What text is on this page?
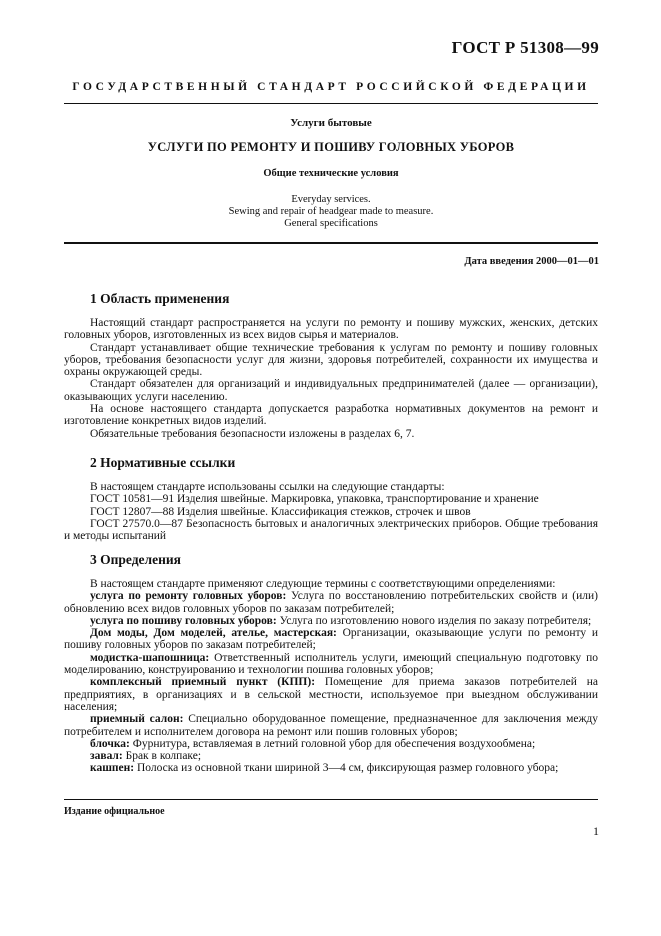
ГОСТ Р 51308—99
ГОСУДАРСТВЕННЫЙ СТАНДАРТ РОССИЙСКОЙ ФЕДЕРАЦИИ
Услуги бытовые
УСЛУГИ ПО РЕМОНТУ И ПОШИВУ ГОЛОВНЫХ УБОРОВ
Общие технические условия
Everyday services.
Sewing and repair of headgear made to measure.
General specifications
Дата введения 2000—01—01
1 Область применения

Настоящий стандарт распространяется на услуги по ремонту и пошиву мужских, женских, детских головных уборов, изготовленных из всех видов сырья и материалов.

Стандарт устанавливает общие технические требования к услугам по ремонту и пошиву головных уборов, требования безопасности услуг для жизни, здоровья потребителей, сохранности их имущества и охраны окружающей среды.

Стандарт обязателен для организаций и индивидуальных предпринимателей (далее — организации), оказывающих услуги населению.

На основе настоящего стандарта допускается разработка нормативных документов на ремонт и изготовление конкретных видов изделий.

Обязательные требования безопасности изложены в разделах 6, 7.

2 Нормативные ссылки

В настоящем стандарте использованы ссылки на следующие стандарты:

ГОСТ 10581—91 Изделия швейные. Маркировка, упаковка, транспортирование и хранение

ГОСТ 12807—88 Изделия швейные. Классификация стежков, строчек и швов

ГОСТ 27570.0—87 Безопасность бытовых и аналогичных электрических приборов. Общие требования и методы испытаний

3 Определения

В настоящем стандарте применяют следующие термины с соответствующими определениями:

услуга по ремонту головных уборов: Услуга по восстановлению потребительских свойств и (или) обновлению всех видов головных уборов по заказам потребителей;

услуга по пошиву головных уборов: Услуга по изготовлению нового изделия по заказу потребителя;

Дом моды, Дом моделей, ателье, мастерская: Организации, оказывающие услуги по ремонту и пошиву головных уборов по заказам потребителей;

модистка-шапошница: Ответственный исполнитель услуги, имеющий специальную подготовку по моделированию, конструированию и технологии пошива головных уборов;

комплексный приемный пункт (КПП): Помещение для приема заказов потребителей на предприятиях, в организациях и в сельской местности, используемое при выездном обслуживании населения;

приемный салон: Специально оборудованное помещение, предназначенное для заключения между потребителем и исполнителем договора на ремонт или пошив головных уборов;

блочка: Фурнитура, вставляемая в летний головной убор для обеспечения воздухообмена;

завал: Брак в колпаке;

кашпен: Полоска из основной ткани шириной 3—4 см, фиксирующая размер головного убора;

Издание официальное
1
